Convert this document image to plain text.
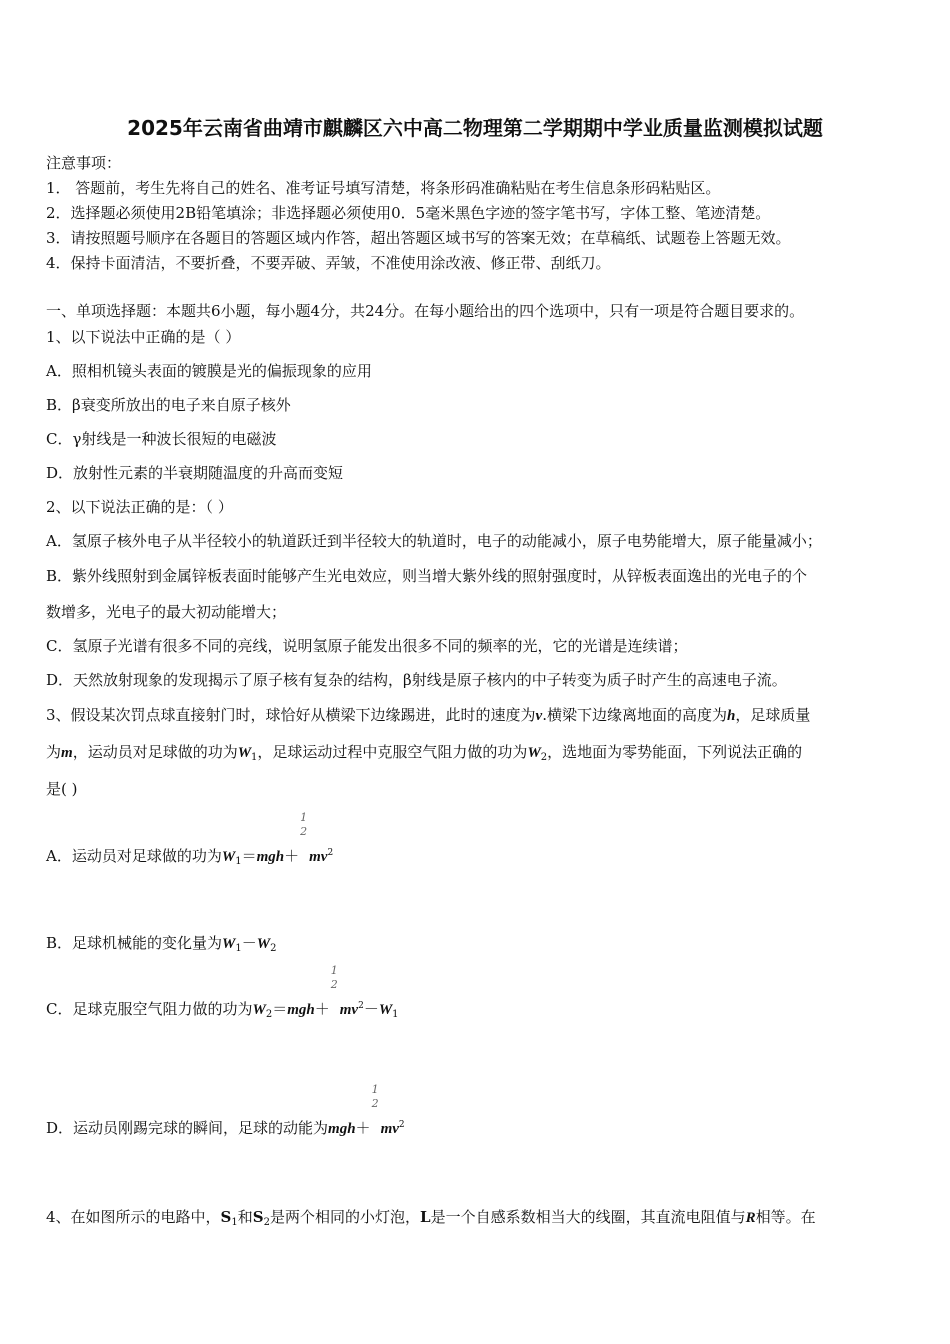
2025年云南省曲靖市麒麟区六中高二物理第二学期期中学业质量监测模拟试题
注意事项：
1． 答题前，考生先将自己的姓名、准考证号填写清楚，将条形码准确粘贴在考生信息条形码粘贴区。
2．选择题必须使用2B铅笔填涂；非选择题必须使用0．5毫米黑色字迹的签字笔书写，字体工整、笔迹清楚。
3．请按照题号顺序在各题目的答题区域内作答，超出答题区域书写的答案无效；在草稿纸、试题卷上答题无效。
4．保持卡面清洁，不要折叠，不要弄破、弄皱，不准使用涂改液、修正带、刮纸刀。
一、单项选择题：本题共6小题，每小题4分，共24分。在每小题给出的四个选项中，只有一项是符合题目要求的。
1、以下说法中正确的是（ ）
A．照相机镜头表面的镀膜是光的偏振现象的应用
B．β衰变所放出的电子来自原子核外
C．γ射线是一种波长很短的电磁波
D．放射性元素的半衰期随温度的升高而变短
2、以下说法正确的是：（ ）
A．氢原子核外电子从半径较小的轨道跃迁到半径较大的轨道时，电子的动能减小，原子电势能增大，原子能量减小；
B．紫外线照射到金属锌板表面时能够产生光电效应，则当增大紫外线的照射强度时，从锌板表面逸出的光电子的个
数增多，光电子的最大初动能增大；
C．氢原子光谱有很多不同的亮线，说明氢原子能发出很多不同的频率的光，它的光谱是连续谱；
D．天然放射现象的发现揭示了原子核有复杂的结构，β射线是原子核内的中子转变为质子时产生的高速电子流。
3、假设某次罚点球直接射门时，球恰好从横梁下边缘踢进，此时的速度为v.横梁下边缘离地面的高度为h，足球质量
为m，运动员对足球做的功为$W_1$，足球运动过程中克服空气阻力做的功为$W_2$，选地面为零势能面，下列说法正确的
是( )
A．运动员对足球做的功为$W_1=mgh+$
1
2
$mv^2$
B．足球机械能的变化量为$W_1-W_2$
C．足球克服空气阻力做的功为$W_2=mgh+$
1
2
$mv^2-W_1$
D．运动员刚踢完球的瞬间，足球的动能为mgh＋
1
2
$mv^2$
4、在如图所示的电路中，$S_1$和$S_2$是两个相同的小灯泡，L是一个自感系数相当大的线圈，其直流电阻值与R相等。在
